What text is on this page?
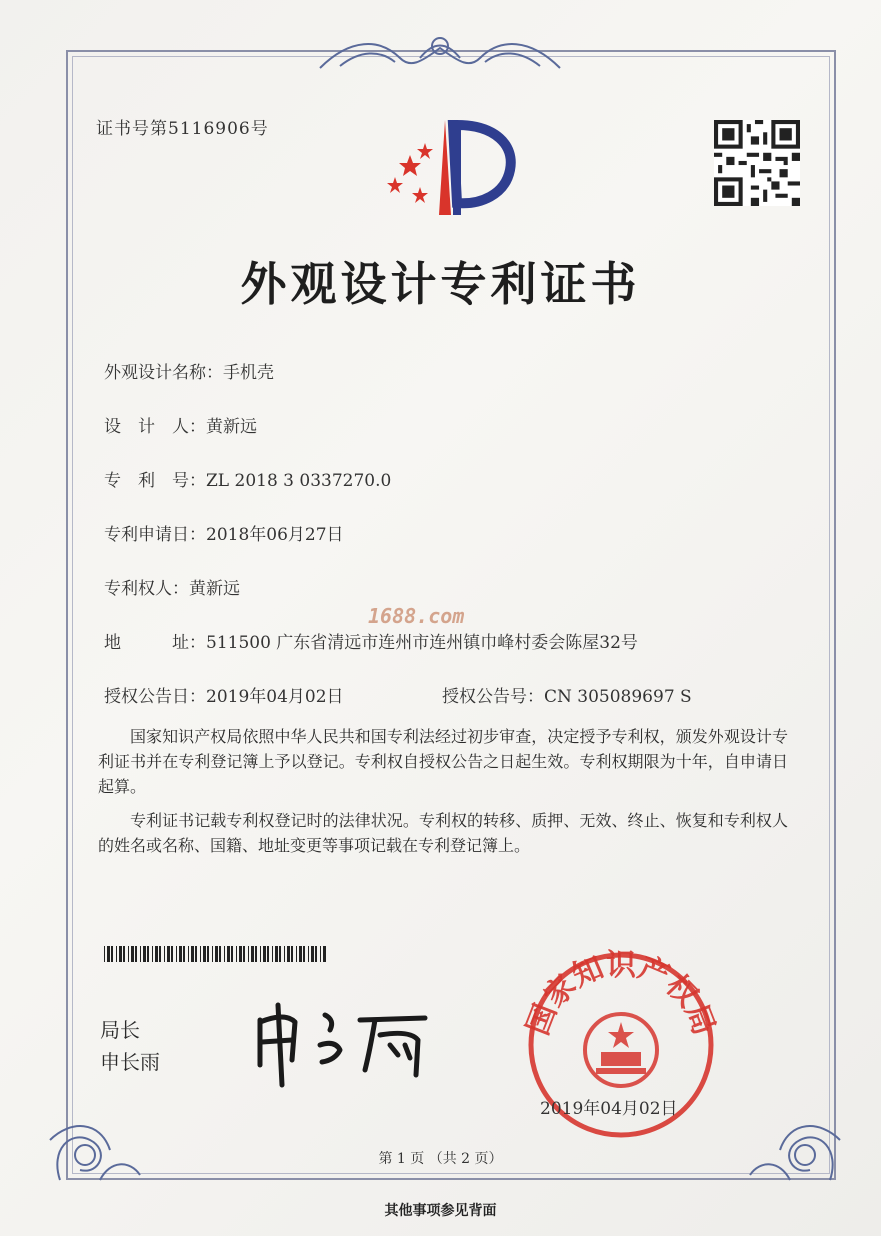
证书号第5116906号
外观设计专利证书
外观设计名称：手机壳
设　计　人：黄新远
专　利　号：ZL 2018 3 0337270.0
专利申请日：2018年06月27日
专利权人：黄新远
1688.com
地　　　址：511500 广东省清远市连州市连州镇巾峰村委会陈屋32号
授权公告日：2019年04月02日	授权公告号：CN 305089697 S
国家知识产权局依照中华人民共和国专利法经过初步审查，决定授予专利权，颁发外观设计专利证书并在专利登记簿上予以登记。专利权自授权公告之日起生效。专利权期限为十年，自申请日起算。
专利证书记载专利权登记时的法律状况。专利权的转移、质押、无效、终止、恢复和专利权人的姓名或名称、国籍、地址变更等事项记载在专利登记簿上。
局长
申长雨
国家知识产权局
2019年04月02日
第 1 页 （共 2 页）
其他事项参见背面
